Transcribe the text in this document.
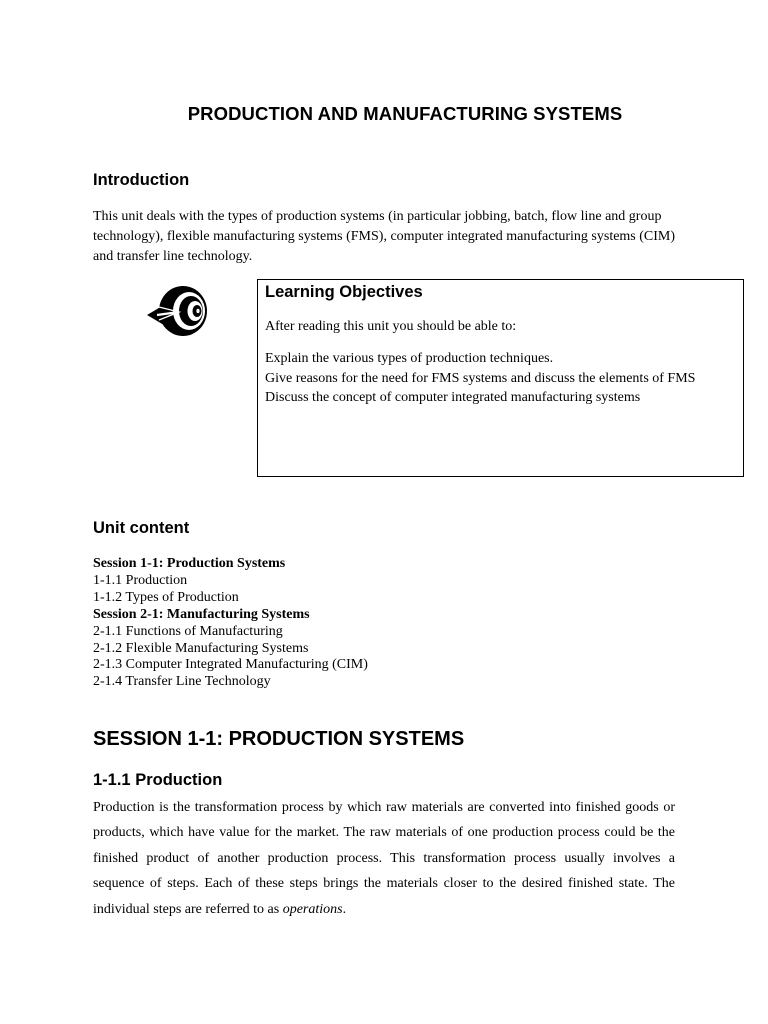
PRODUCTION AND MANUFACTURING SYSTEMS
Introduction
This unit deals with the types of production systems (in particular jobbing, batch, flow line and group technology), flexible manufacturing systems (FMS), computer integrated manufacturing systems (CIM) and transfer line technology.
Learning Objectives
After reading this unit you should be able to:
Explain the various types of production techniques.
Give reasons for the need for FMS systems and discuss the elements of FMS
Discuss the concept of computer integrated manufacturing systems
Unit content
Session 1-1: Production Systems
1-1.1 Production
1-1.2 Types of Production
Session 2-1: Manufacturing Systems
2-1.1 Functions of Manufacturing
2-1.2 Flexible Manufacturing Systems
2-1.3 Computer Integrated Manufacturing (CIM)
2-1.4 Transfer Line Technology
SESSION 1-1: PRODUCTION SYSTEMS
1-1.1 Production
Production is the transformation process by which raw materials are converted into finished goods or products, which have value for the market. The raw materials of one production process could be the finished product of another production process. This transformation process usually involves a sequence of steps. Each of these steps brings the materials closer to the desired finished state. The individual steps are referred to as operations.
